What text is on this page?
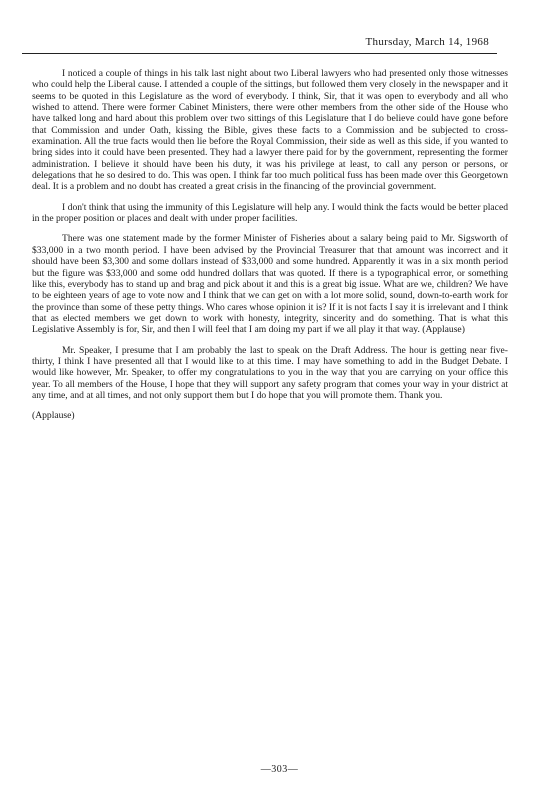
Thursday, March 14, 1968

I noticed a couple of things in his talk last night about two Liberal lawyers who had presented only those witnesses who could help the Liberal cause. I attended a couple of the sittings, but followed them very closely in the newspaper and it seems to be quoted in this Legislature as the word of everybody. I think, Sir, that it was open to everybody and all who wished to attend. There were former Cabinet Ministers, there were other members from the other side of the House who have talked long and hard about this problem over two sittings of this Legislature that I do believe could have gone before that Commission and under Oath, kissing the Bible, gives these facts to a Commission and be subjected to cross-examination. All the true facts would then lie before the Royal Commission, their side as well as this side, if you wanted to bring sides into it could have been presented. They had a lawyer there paid for by the government, representing the former administration. I believe it should have been his duty, it was his privilege at least, to call any person or persons, or delegations that he so desired to do. This was open. I think far too much political fuss has been made over this Georgetown deal. It is a problem and no doubt has created a great crisis in the financing of the provincial government.

I don't think that using the immunity of this Legislature will help any. I would think the facts would be better placed in the proper position or places and dealt with under proper facilities.

There was one statement made by the former Minister of Fisheries about a salary being paid to Mr. Sigsworth of $33,000 in a two month period. I have been advised by the Provincial Treasurer that that amount was incorrect and it should have been $3,300 and some dollars instead of $33,000 and some hundred. Apparently it was in a six month period but the figure was $33,000 and some odd hundred dollars that was quoted. If there is a typographical error, or something like this, everybody has to stand up and brag and pick about it and this is a great big issue. What are we, children? We have to be eighteen years of age to vote now and I think that we can get on with a lot more solid, sound, down-to-earth work for the province than some of these petty things. Who cares whose opinion it is? If it is not facts I say it is irrelevant and I think that as elected members we get down to work with honesty, integrity, sincerity and do something. That is what this Legislative Assembly is for, Sir, and then I will feel that I am doing my part if we all play it that way. (Applause)

Mr. Speaker, I presume that I am probably the last to speak on the Draft Address. The hour is getting near five-thirty, I think I have presented all that I would like to at this time. I may have something to add in the Budget Debate. I would like however, Mr. Speaker, to offer my congratulations to you in the way that you are carrying on your office this year. To all members of the House, I hope that they will support any safety program that comes your way in your district at any time, and at all times, and not only support them but I do hope that you will promote them. Thank you.

(Applause)

—303—
